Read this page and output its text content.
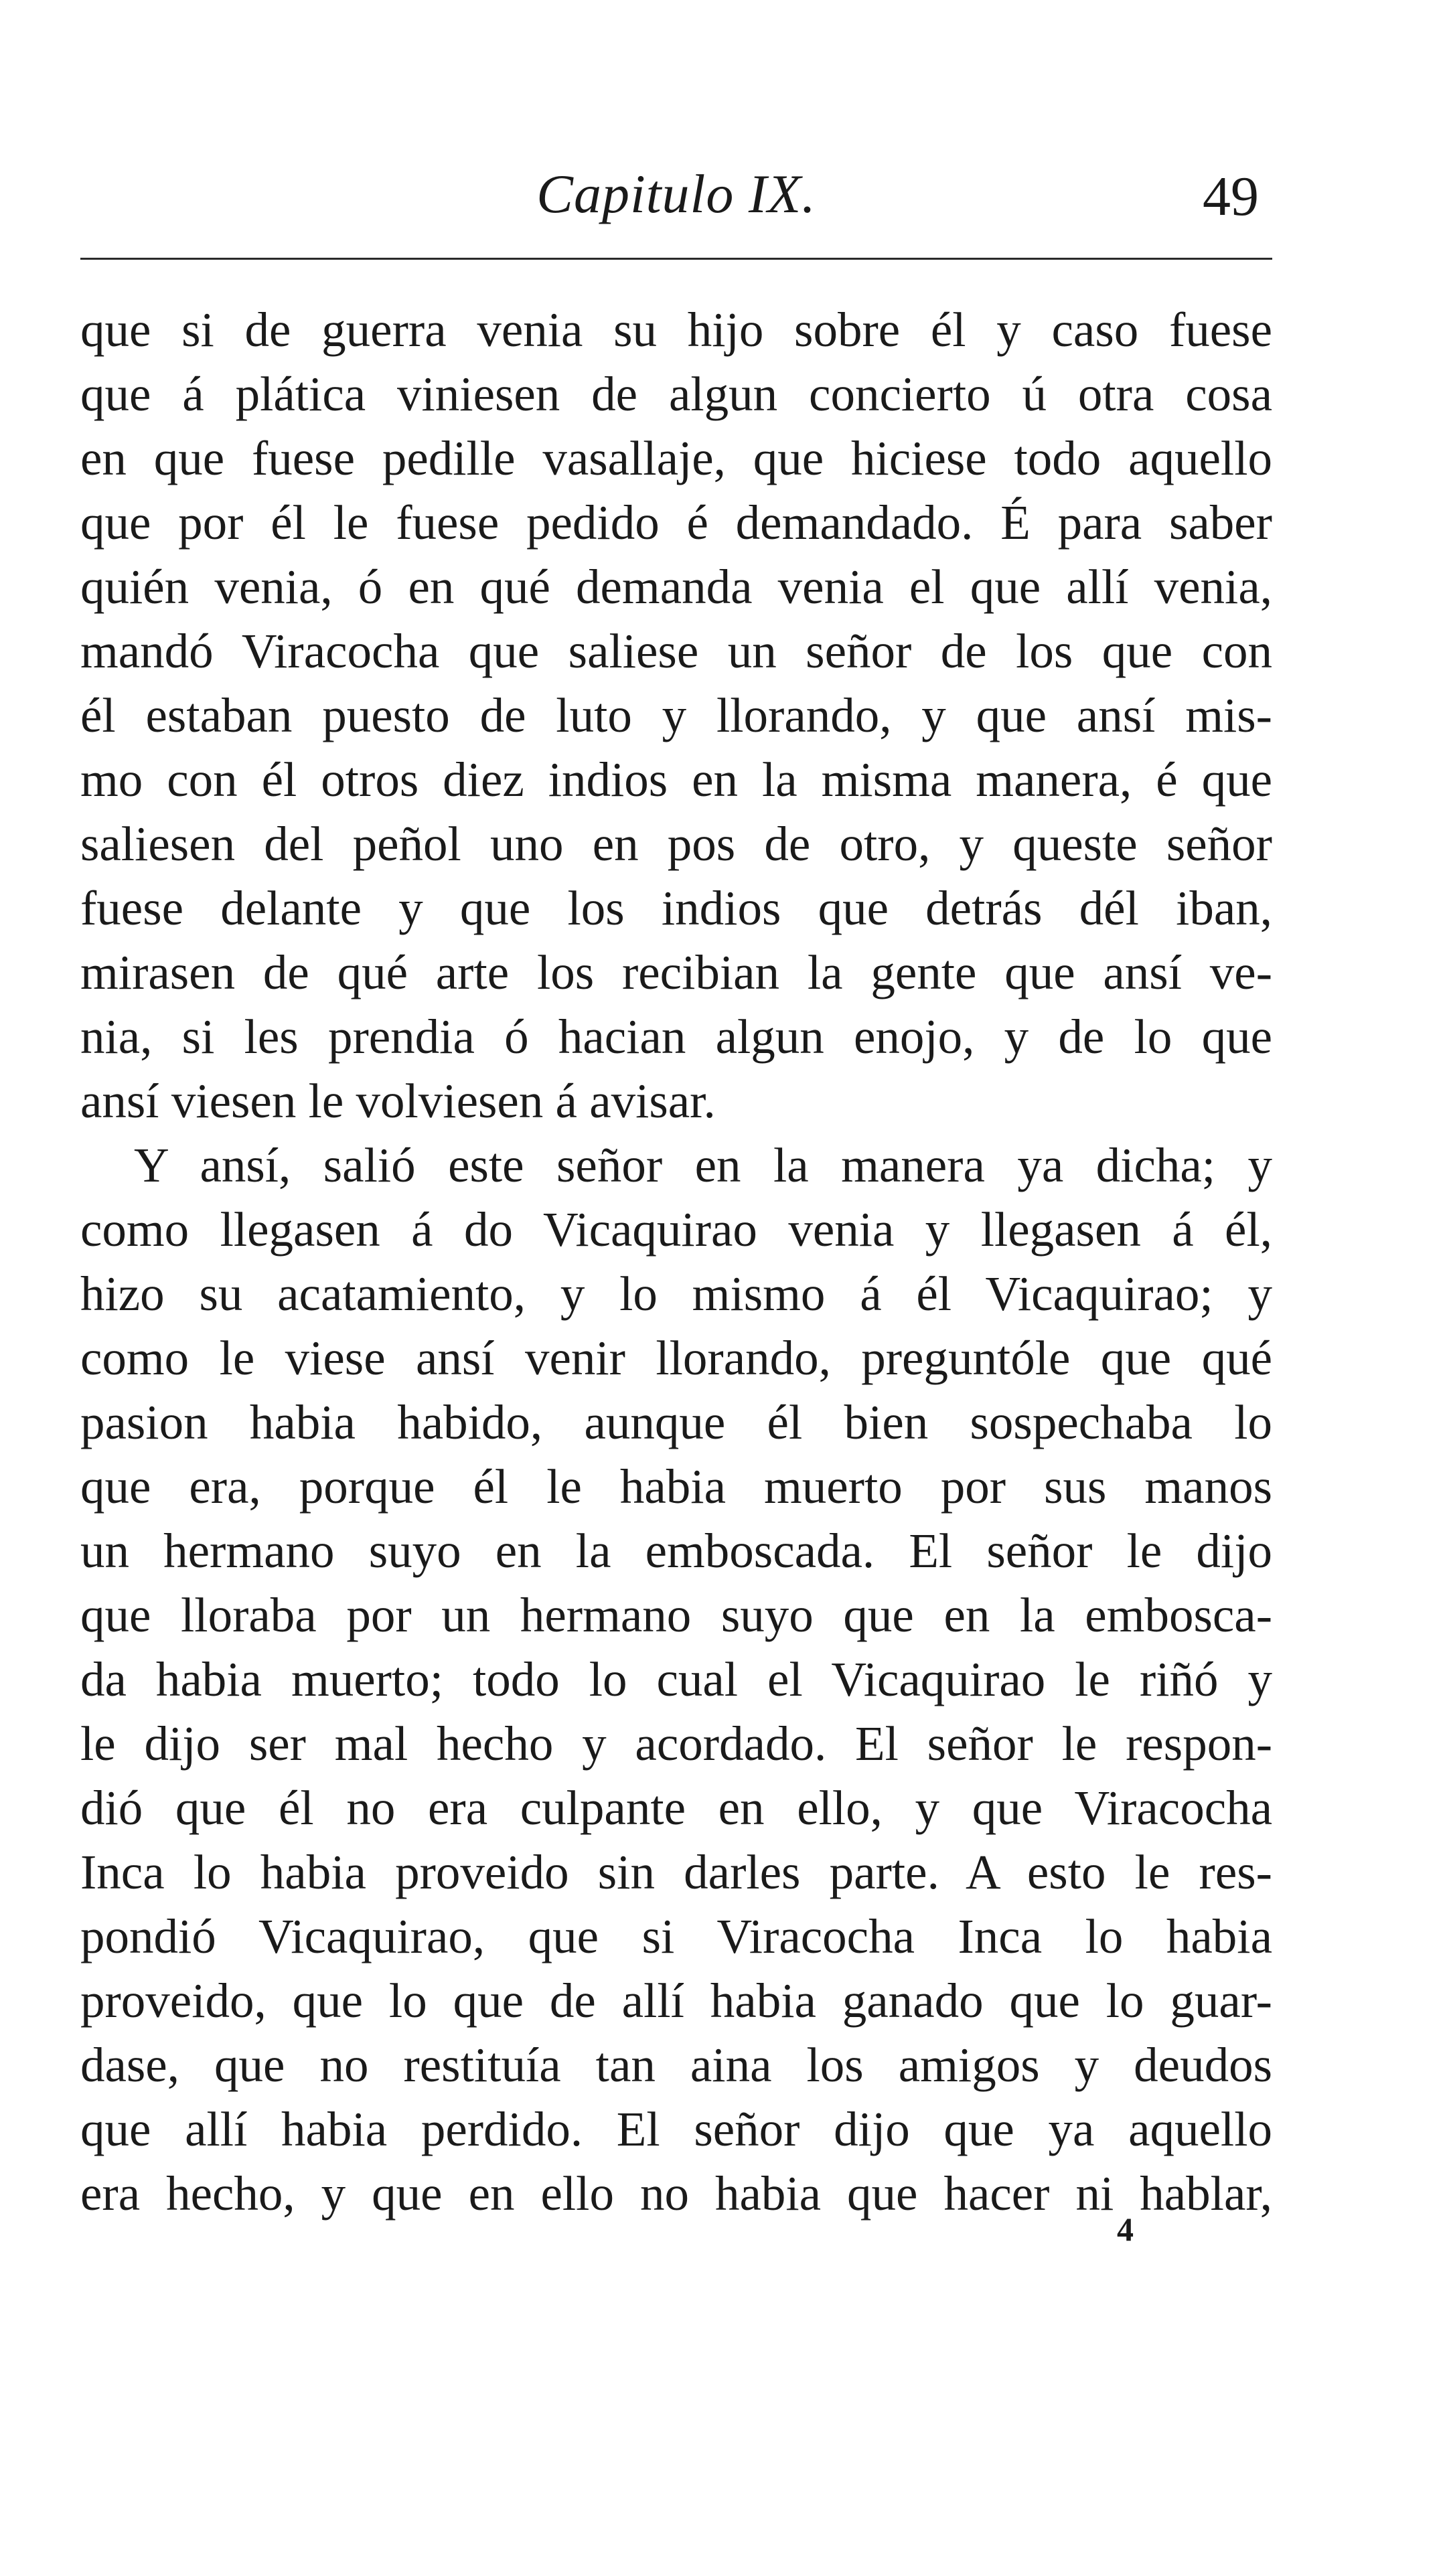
Capitulo IX.	49
que si de guerra venia su hijo sobre él y caso fuese
que á plática viniesen de algun concierto ú otra cosa
en que fuese pedille vasallaje, que hiciese todo aquello
que por él le fuese pedido é demandado. É para saber
quién venia, ó en qué demanda venia el que allí venia,
mandó Viracocha que saliese un señor de los que con
él estaban puesto de luto y llorando, y que ansí mis-
mo con él otros diez indios en la misma manera, é que
saliesen del peñol uno en pos de otro, y queste señor
fuese delante y que los indios que detrás dél iban,
mirasen de qué arte los recibian la gente que ansí ve-
nia, si les prendia ó hacian algun enojo, y de lo que
ansí viesen le volviesen á avisar.
Y ansí, salió este señor en la manera ya dicha; y
como llegasen á do Vicaquirao venia y llegasen á él,
hizo su acatamiento, y lo mismo á él Vicaquirao; y
como le viese ansí venir llorando, preguntóle que qué
pasion habia habido, aunque él bien sospechaba lo
que era, porque él le habia muerto por sus manos
un hermano suyo en la emboscada. El señor le dijo
que lloraba por un hermano suyo que en la embosca-
da habia muerto; todo lo cual el Vicaquirao le riñó y
le dijo ser mal hecho y acordado. El señor le respon-
dió que él no era culpante en ello, y que Viracocha
Inca lo habia proveido sin darles parte. A esto le res-
pondió Vicaquirao, que si Viracocha Inca lo habia
proveido, que lo que de allí habia ganado que lo guar-
dase, que no restituía tan aina los amigos y deudos
que allí habia perdido. El señor dijo que ya aquello
era hecho, y que en ello no habia que hacer ni hablar,
4
